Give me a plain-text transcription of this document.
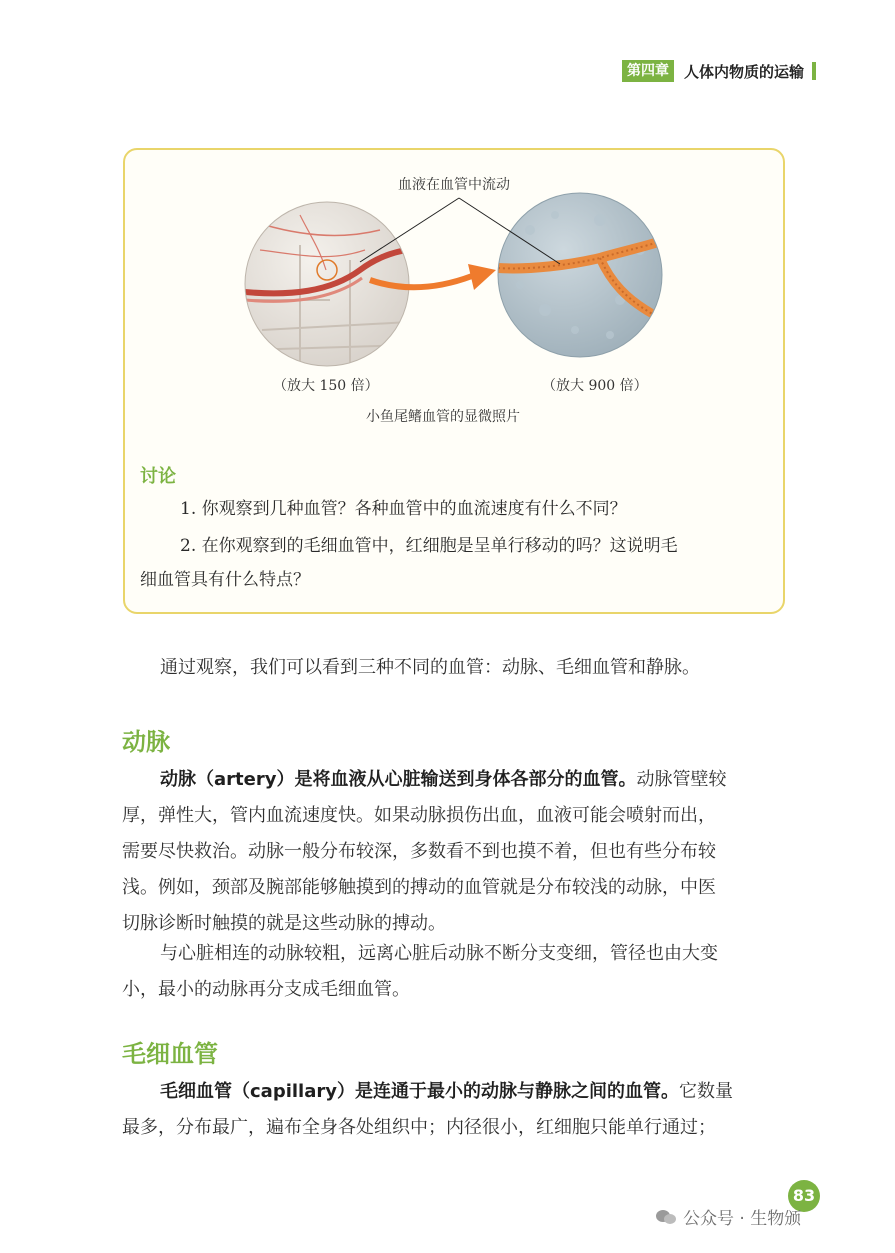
第四章	人体内物质的运输
血液在血管中流动
（放大 150 倍）	（放大 900 倍）
小鱼尾鳍血管的显微照片
讨论
1. 你观察到几种血管？各种血管中的血流速度有什么不同？
2. 在你观察到的毛细血管中，红细胞是呈单行移动的吗？这说明毛
细血管具有什么特点？
通过观察，我们可以看到三种不同的血管：动脉、毛细血管和静脉。
动脉
动脉（artery）是将血液从心脏输送到身体各部分的血管。动脉管壁较
厚，弹性大，管内血流速度快。如果动脉损伤出血，血液可能会喷射而出，
需要尽快救治。动脉一般分布较深，多数看不到也摸不着，但也有些分布较
浅。例如，颈部及腕部能够触摸到的搏动的血管就是分布较浅的动脉，中医
切脉诊断时触摸的就是这些动脉的搏动。
与心脏相连的动脉较粗，远离心脏后动脉不断分支变细，管径也由大变
小，最小的动脉再分支成毛细血管。
毛细血管
毛细血管（capillary）是连通于最小的动脉与静脉之间的血管。它数量
最多，分布最广，遍布全身各处组织中；内径很小，红细胞只能单行通过；
83
公众号 · 生物颁
